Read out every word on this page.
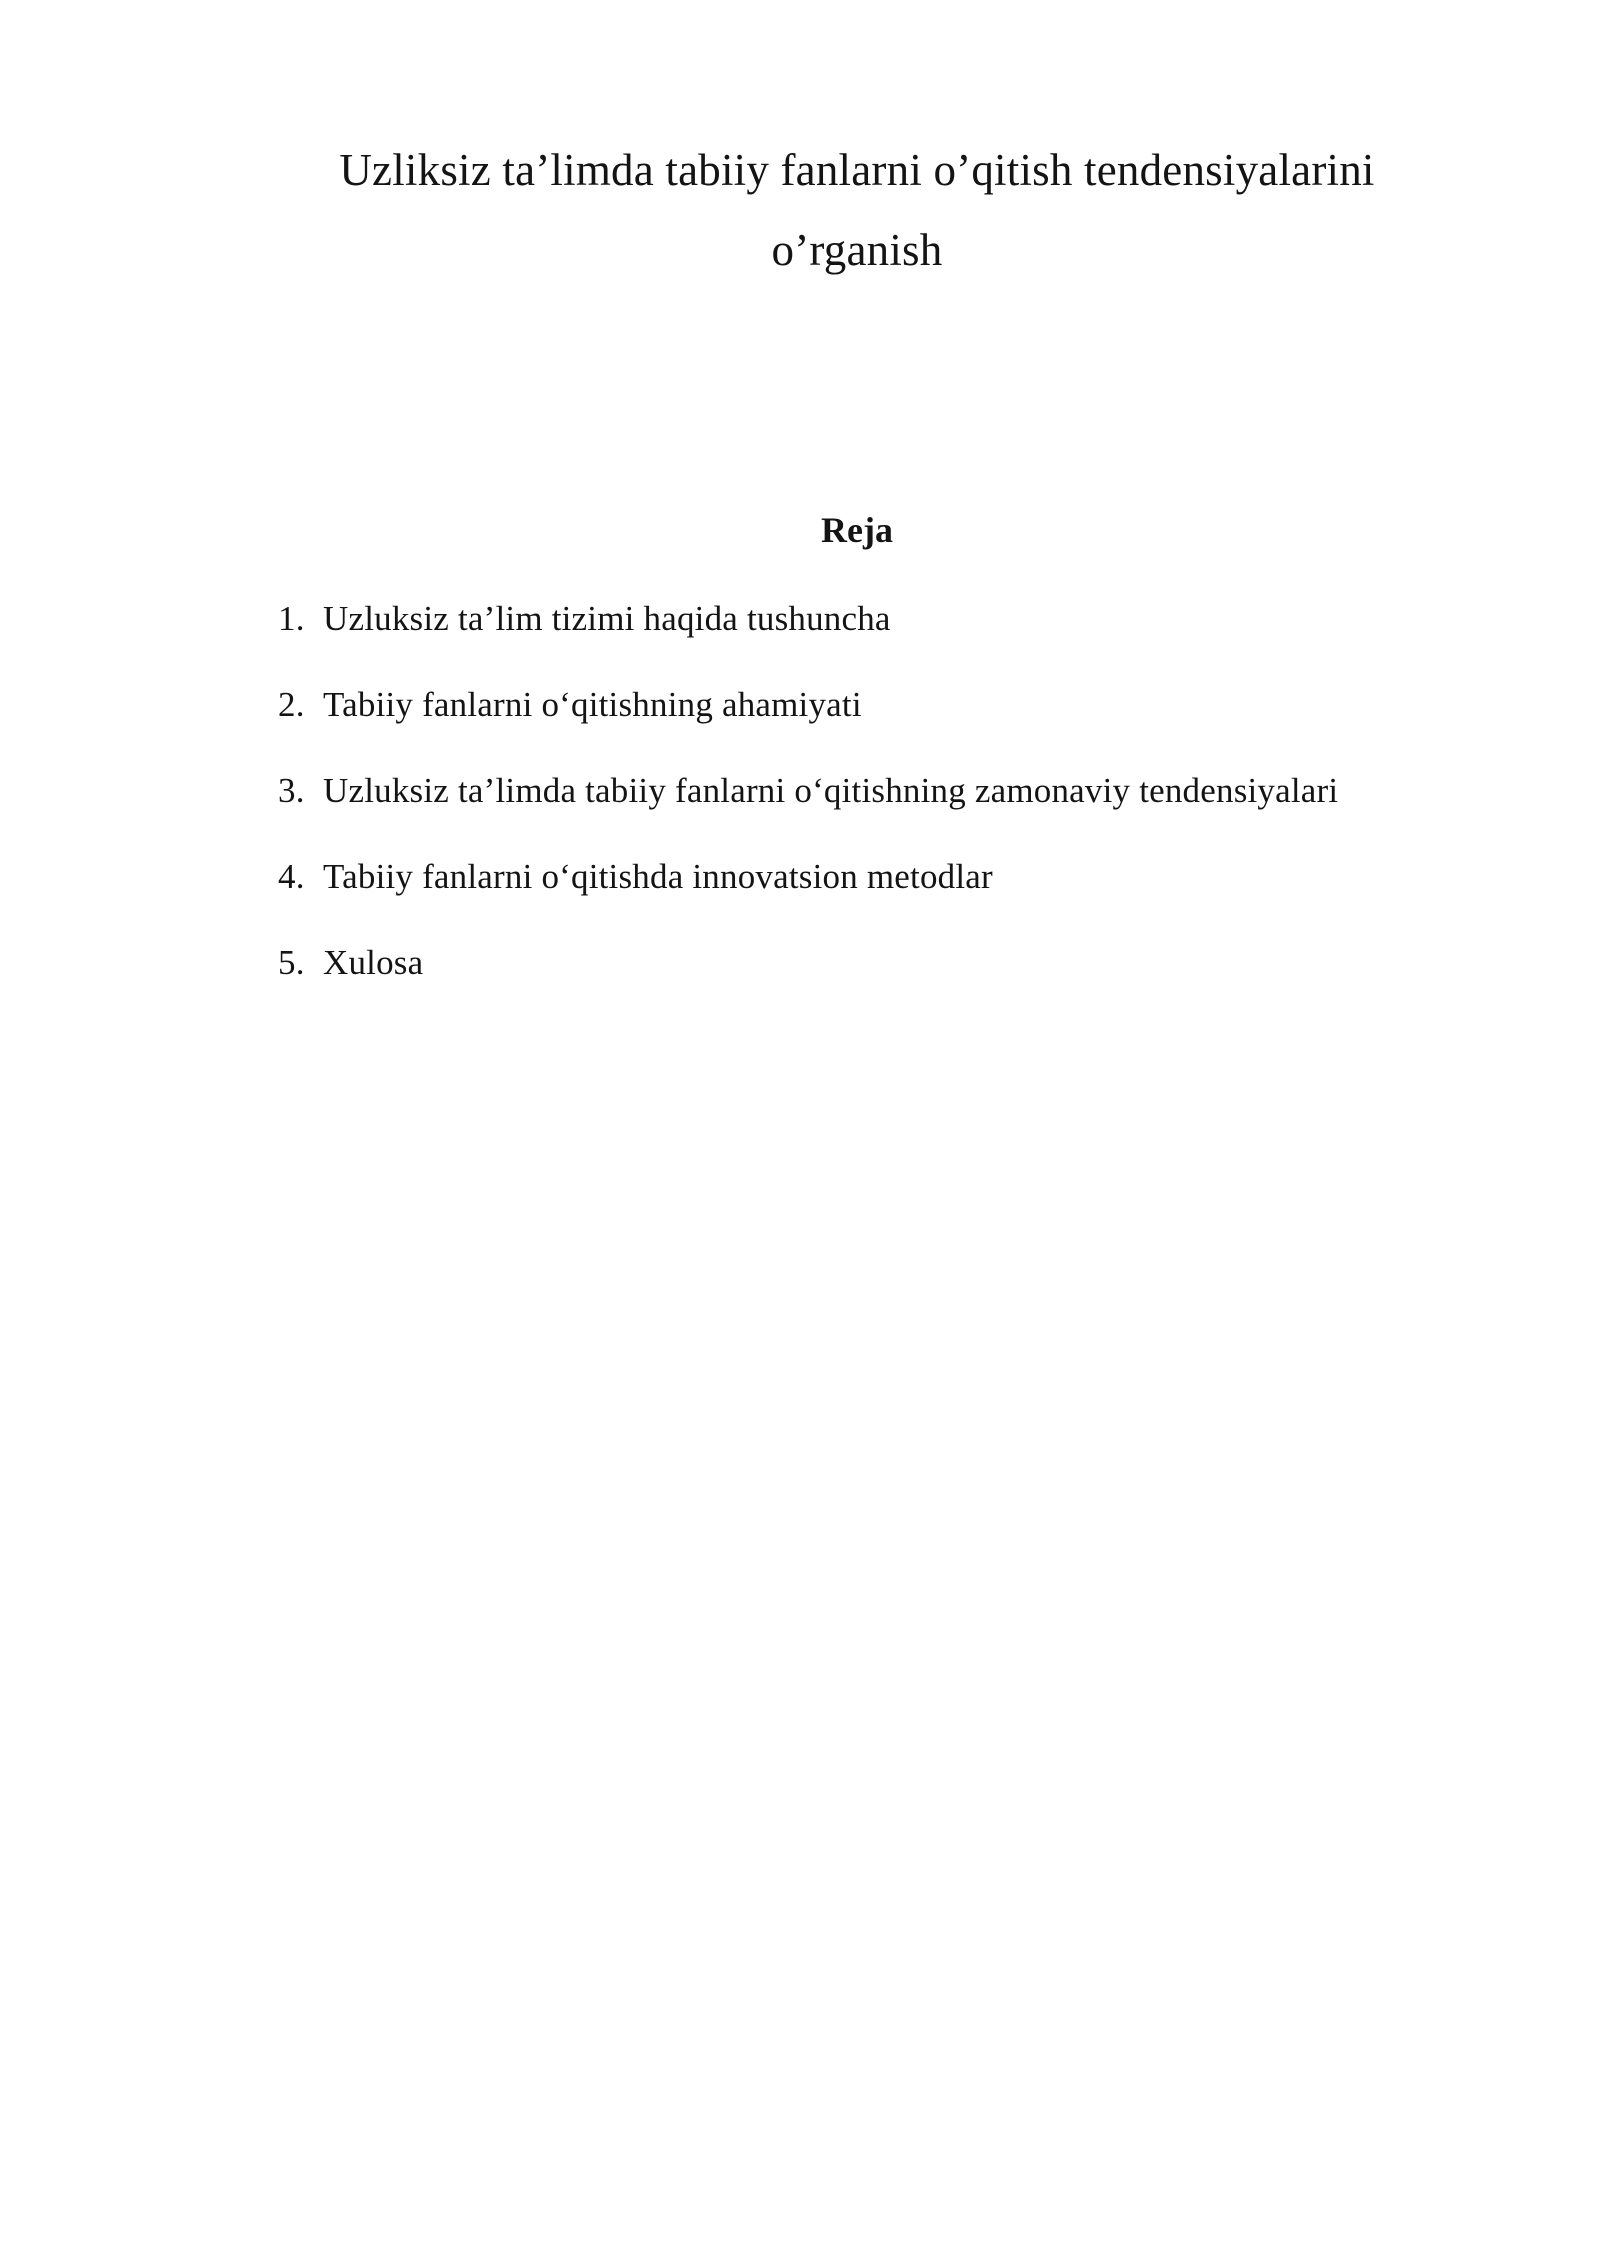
Uzliksiz ta’limda tabiiy fanlarni o’qitish tendensiyalarini
o’rganish
Reja
1. Uzluksiz ta’lim tizimi haqida tushuncha
2. Tabiiy fanlarni o‘qitishning ahamiyati
3. Uzluksiz ta’limda tabiiy fanlarni o‘qitishning zamonaviy tendensiyalari
4. Tabiiy fanlarni o‘qitishda innovatsion metodlar
5. Xulosa
